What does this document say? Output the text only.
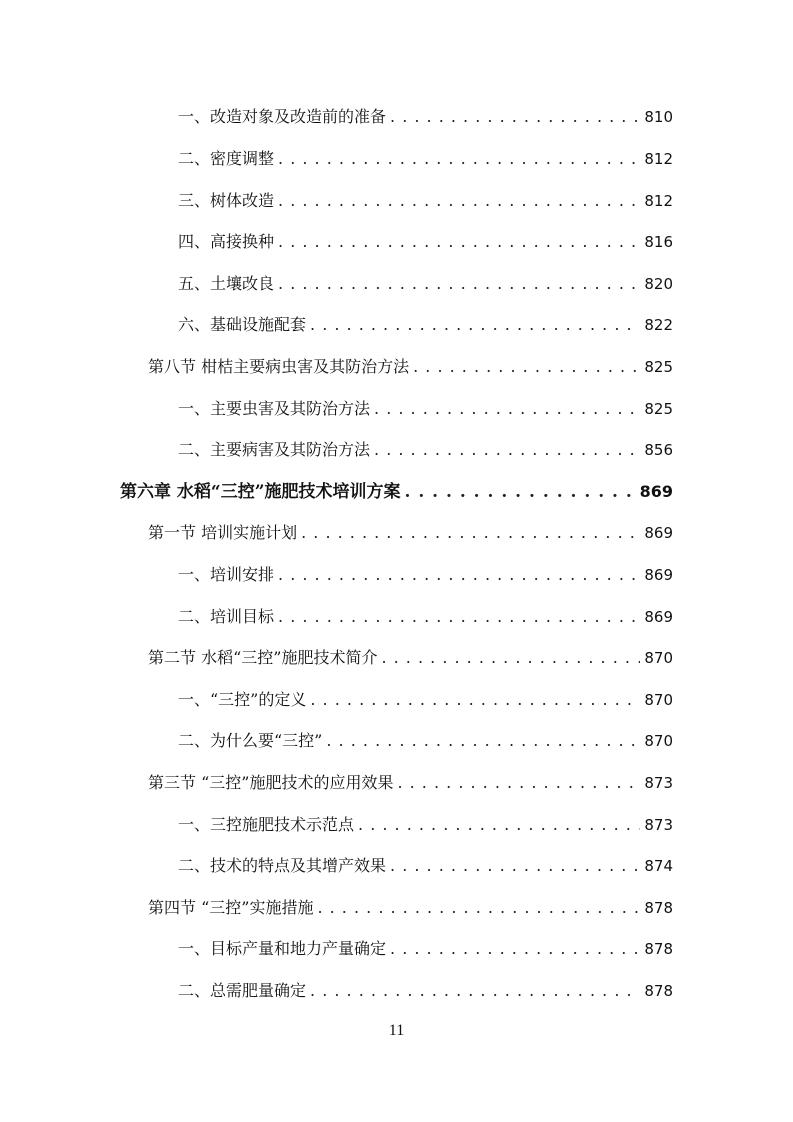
一、改造对象及改造前的准备 . . .	810
二、密度调整 . . .	812
三、树体改造 . . .	812
四、高接换种 . . .	816
五、土壤改良 . . .	820
六、基础设施配套 . . .	822
第八节 柑桔主要病虫害及其防治方法 . . .	825
一、主要虫害及其防治方法 . . .	825
二、主要病害及其防治方法 . . .	856
第六章 水稻“三控”施肥技术培训方案 . . .	869
第一节 培训实施计划 . . .	869
一、培训安排 . . .	869
二、培训目标 . . .	869
第二节 水稻“三控”施肥技术简介 . . .	870
一、“三控”的定义 . . .	870
二、为什么要“三控” . . .	870
第三节 “三控”施肥技术的应用效果 . . .	873
一、三控施肥技术示范点 . . .	873
二、技术的特点及其增产效果 . . .	874
第四节 “三控”实施措施 . . .	878
一、目标产量和地力产量确定 . . .	878
二、总需肥量确定 . . .	878
11
